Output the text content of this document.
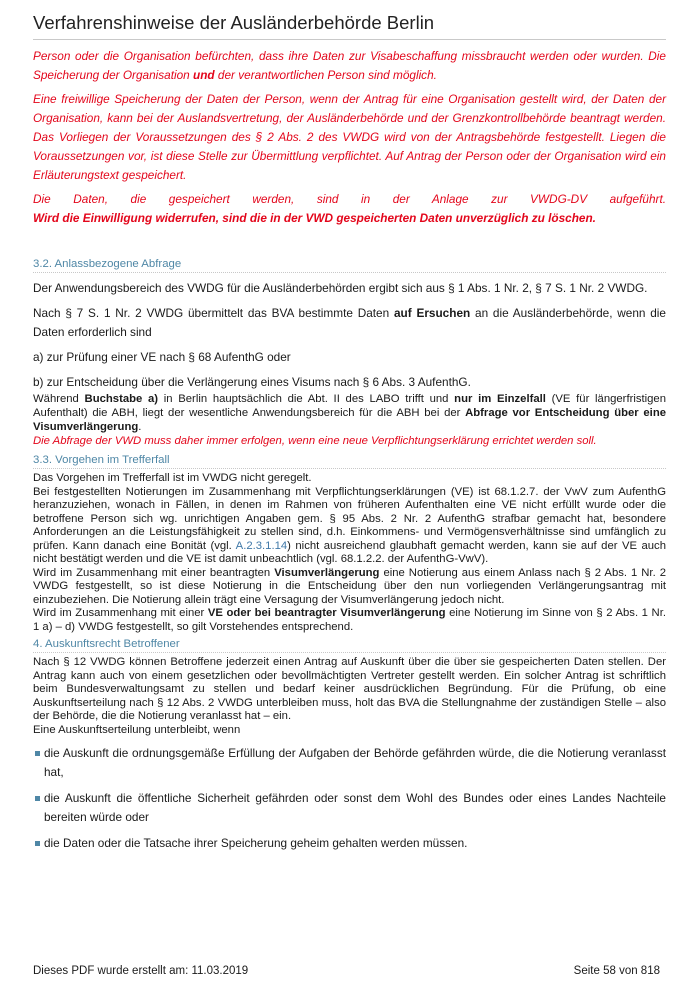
Verfahrenshinweise der Ausländerbehörde Berlin

Person oder die Organisation befürchten, dass ihre Daten zur Visabeschaffung missbraucht werden oder wurden. Die Speicherung der Organisation und der verantwortlichen Person sind möglich.

Eine freiwillige Speicherung der Daten der Person, wenn der Antrag für eine Organisation gestellt wird, der Daten der Organisation, kann bei der Auslandsvertretung, der Ausländerbehörde und der Grenzkontrollbehörde beantragt werden. Das Vorliegen der Voraussetzungen des § 2 Abs. 2 des VWDG wird von der Antragsbehörde festgestellt. Liegen die Voraussetzungen vor, ist diese Stelle zur Übermittlung verpflichtet. Auf Antrag der Person oder der Organisation wird ein Erläuterungstext gespeichert.

Die Daten, die gespeichert werden, sind in der Anlage zur VWDG-DV aufgeführt.

Wird die Einwilligung widerrufen, sind die in der VWD gespeicherten Daten unverzüglich zu löschen.

3.2. Anlassbezogene Abfrage

Der Anwendungsbereich des VWDG für die Ausländerbehörden ergibt sich aus § 1 Abs. 1 Nr. 2, § 7 S. 1 Nr. 2 VWDG.

Nach § 7 S. 1 Nr. 2 VWDG übermittelt das BVA bestimmte Daten auf Ersuchen an die Ausländerbehörde, wenn die Daten erforderlich sind

a) zur Prüfung einer VE nach § 68 AufenthG oder

b) zur Entscheidung über die Verlängerung eines Visums nach § 6 Abs. 3 AufenthG.

Während Buchstabe a) in Berlin hauptsächlich die Abt. II des LABO trifft und nur im Einzelfall (VE für längerfristigen Aufenthalt) die ABH, liegt der wesentliche Anwendungsbereich für die ABH bei der Abfrage vor Entscheidung über eine Visumverlängerung.

Die Abfrage der VWD muss daher immer erfolgen, wenn eine neue Verpflichtungserklärung errichtet werden soll.

3.3. Vorgehen im Trefferfall

Das Vorgehen im Trefferfall ist im VWDG nicht geregelt.

Bei festgestellten Notierungen im Zusammenhang mit Verpflichtungserklärungen (VE) ist 68.1.2.7. der VwV zum AufenthG heranzuziehen, wonach in Fällen, in denen im Rahmen von früheren Aufenthalten eine VE nicht erfüllt wurde oder die betroffene Person sich wg. unrichtigen Angaben gem. § 95 Abs. 2 Nr. 2 AufenthG strafbar gemacht hat, besondere Anforderungen an die Leistungsfähigkeit zu stellen sind, d.h. Einkommens- und Vermögensverhältnisse sind umfänglich zu prüfen. Kann danach eine Bonität (vgl. A.2.3.1.14) nicht ausreichend glaubhaft gemacht werden, kann sie auf der VE auch nicht bestätigt werden und die VE ist damit unbeachtlich (vgl. 68.1.2.2. der AufenthG-VwV).

Wird im Zusammenhang mit einer beantragten Visumverlängerung eine Notierung aus einem Anlass nach § 2 Abs. 1 Nr. 2 VWDG festgestellt, so ist diese Notierung in die Entscheidung über den nun vorliegenden Verlängerungsantrag mit einzubeziehen. Die Notierung allein trägt eine Versagung der Visumverlängerung jedoch nicht.

Wird im Zusammenhang mit einer VE oder bei beantragter Visumverlängerung eine Notierung im Sinne von § 2 Abs. 1 Nr. 1 a) – d) VWDG festgestellt, so gilt Vorstehendes entsprechend.

4. Auskunftsrecht Betroffener

Nach § 12 VWDG können Betroffene jederzeit einen Antrag auf Auskunft über die über sie gespeicherten Daten stellen. Der Antrag kann auch von einem gesetzlichen oder bevollmächtigten Vertreter gestellt werden. Ein solcher Antrag ist schriftlich beim Bundesverwaltungsamt zu stellen und bedarf keiner ausdrücklichen Begründung. Für die Prüfung, ob eine Auskunftserteilung nach § 12 Abs. 2 VWDG unterbleiben muss, holt das BVA die Stellungnahme der zuständigen Stelle – also der Behörde, die die Notierung veranlasst hat – ein.

Eine Auskunftserteilung unterbleibt, wenn

die Auskunft die ordnungsgemäße Erfüllung der Aufgaben der Behörde gefährden würde, die die Notierung veranlasst hat,
die Auskunft die öffentliche Sicherheit gefährden oder sonst dem Wohl des Bundes oder eines Landes Nachteile bereiten würde oder
die Daten oder die Tatsache ihrer Speicherung geheim gehalten werden müssen.
Dieses PDF wurde erstellt am: 11.03.2019	Seite 58 von 818
